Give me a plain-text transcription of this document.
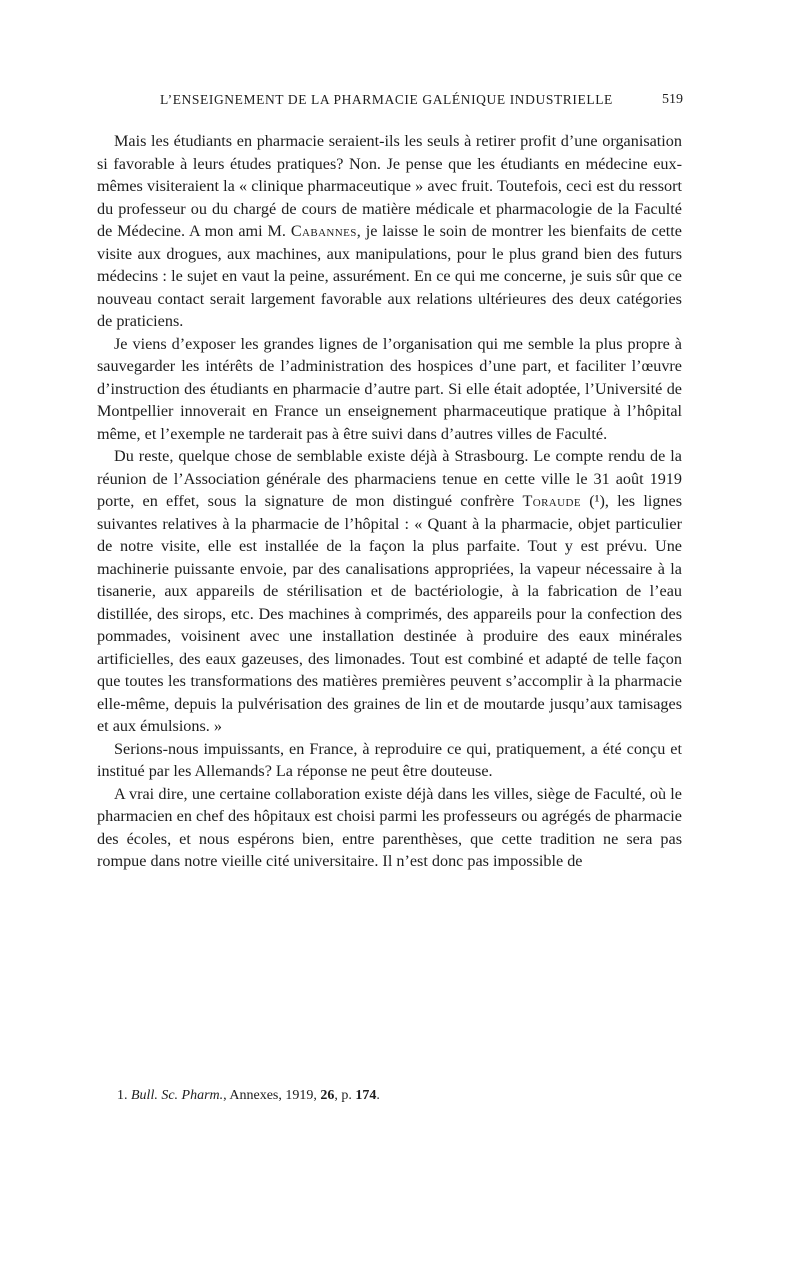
L’ENSEIGNEMENT DE LA PHARMACIE GALÉNIQUE INDUSTRIELLE	519

Mais les étudiants en pharmacie seraient-ils les seuls à retirer profit d’une organisation si favorable à leurs études pratiques? Non. Je pense que les étudiants en médecine eux-mêmes visiteraient la « clinique pharmaceutique » avec fruit. Toutefois, ceci est du ressort du professeur ou du chargé de cours de matière médicale et pharmacologie de la Faculté de Médecine. A mon ami M. Cabannes, je laisse le soin de montrer les bienfaits de cette visite aux drogues, aux machines, aux manipulations, pour le plus grand bien des futurs médecins : le sujet en vaut la peine, assurément. En ce qui me concerne, je suis sûr que ce nouveau contact serait largement favorable aux relations ultérieures des deux catégories de praticiens.

Je viens d’exposer les grandes lignes de l’organisation qui me semble la plus propre à sauvegarder les intérêts de l’administration des hospices d’une part, et faciliter l’œuvre d’instruction des étudiants en pharmacie d’autre part. Si elle était adoptée, l’Université de Montpellier innoverait en France un enseignement pharmaceutique pratique à l’hôpital même, et l’exemple ne tarderait pas à être suivi dans d’autres villes de Faculté.

Du reste, quelque chose de semblable existe déjà à Strasbourg. Le compte rendu de la réunion de l’Association générale des pharmaciens tenue en cette ville le 31 août 1919 porte, en effet, sous la signature de mon distingué confrère Toraude (¹), les lignes suivantes relatives à la pharmacie de l’hôpital : « Quant à la pharmacie, objet particulier de notre visite, elle est installée de la façon la plus parfaite. Tout y est prévu. Une machinerie puissante envoie, par des canalisations appropriées, la vapeur nécessaire à la tisanerie, aux appareils de stérilisation et de bactériologie, à la fabrication de l’eau distillée, des sirops, etc. Des machines à comprimés, des appareils pour la confection des pommades, voisinent avec une installation destinée à produire des eaux minérales artificielles, des eaux gazeuses, des limonades. Tout est combiné et adapté de telle façon que toutes les transformations des matières premières peuvent s’accomplir à la pharmacie elle-même, depuis la pulvérisation des graines de lin et de moutarde jusqu’aux tamisages et aux émulsions. »

Serions-nous impuissants, en France, à reproduire ce qui, pratiquement, a été conçu et institué par les Allemands? La réponse ne peut être douteuse.

A vrai dire, une certaine collaboration existe déjà dans les villes, siège de Faculté, où le pharmacien en chef des hôpitaux est choisi parmi les professeurs ou agrégés de pharmacie des écoles, et nous espérons bien, entre parenthèses, que cette tradition ne sera pas rompue dans notre vieille cité universitaire. Il n’est donc pas impossible de

1. Bull. Sc. Pharm., Annexes, 1919, 26, p. 174.
